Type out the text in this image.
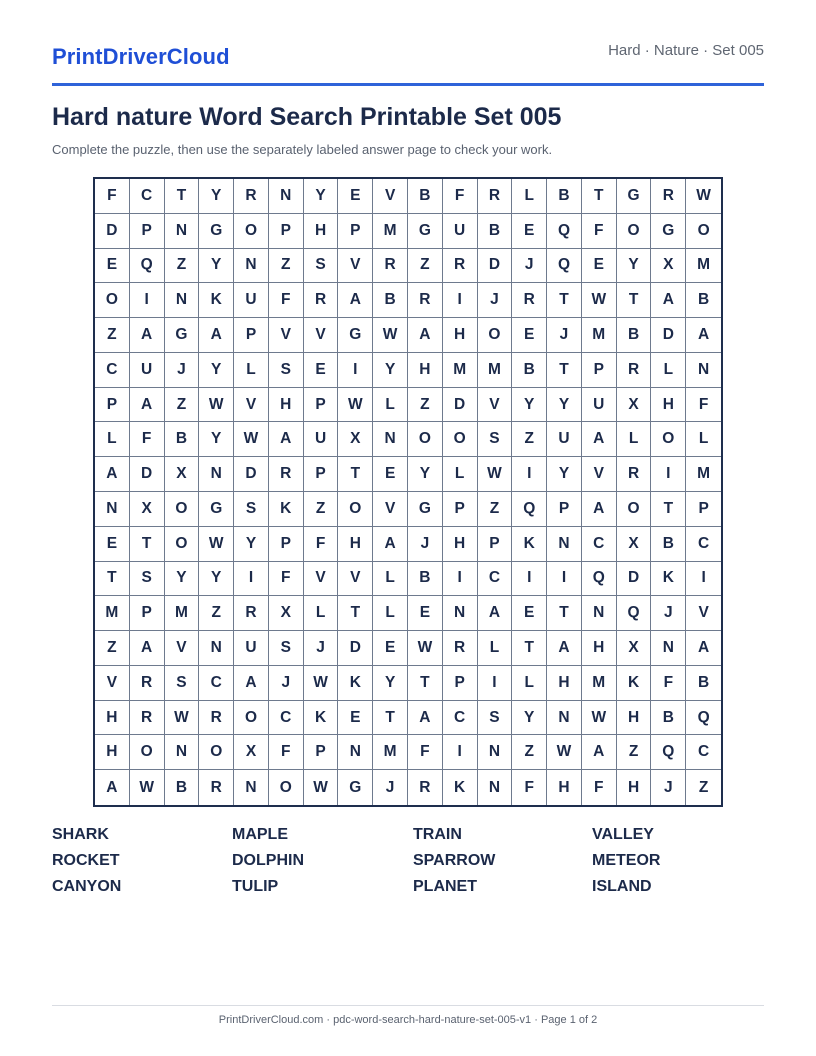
PrintDriverCloud	Hard · Nature · Set 005
Hard nature Word Search Printable Set 005
Complete the puzzle, then use the separately labeled answer page to check your work.
F	C	T	Y	R	N	Y	E	V	B	F	R	L	B	T	G	R	W
D	P	N	G	O	P	H	P	M	G	U	B	E	Q	F	O	G	O
E	Q	Z	Y	N	Z	S	V	R	Z	R	D	J	Q	E	Y	X	M
O	I	N	K	U	F	R	A	B	R	I	J	R	T	W	T	A	B
Z	A	G	A	P	V	V	G	W	A	H	O	E	J	M	B	D	A
C	U	J	Y	L	S	E	I	Y	H	M	M	B	T	P	R	L	N
P	A	Z	W	V	H	P	W	L	Z	D	V	Y	Y	U	X	H	F
L	F	B	Y	W	A	U	X	N	O	O	S	Z	U	A	L	O	L
A	D	X	N	D	R	P	T	E	Y	L	W	I	Y	V	R	I	M
N	X	O	G	S	K	Z	O	V	G	P	Z	Q	P	A	O	T	P
E	T	O	W	Y	P	F	H	A	J	H	P	K	N	C	X	B	C
T	S	Y	Y	I	F	V	V	L	B	I	C	I	I	Q	D	K	I
M	P	M	Z	R	X	L	T	L	E	N	A	E	T	N	Q	J	V
Z	A	V	N	U	S	J	D	E	W	R	L	T	A	H	X	N	A
V	R	S	C	A	J	W	K	Y	T	P	I	L	H	M	K	F	B
H	R	W	R	O	C	K	E	T	A	C	S	Y	N	W	H	B	Q
H	O	N	O	X	F	P	N	M	F	I	N	Z	W	A	Z	Q	C
A	W	B	R	N	O	W	G	J	R	K	N	F	H	F	H	J	Z
SHARK	MAPLE	TRAIN	VALLEY
ROCKET	DOLPHIN	SPARROW	METEOR
CANYON	TULIP	PLANET	ISLAND
PrintDriverCloud.com · pdc-word-search-hard-nature-set-005-v1 · Page 1 of 2
